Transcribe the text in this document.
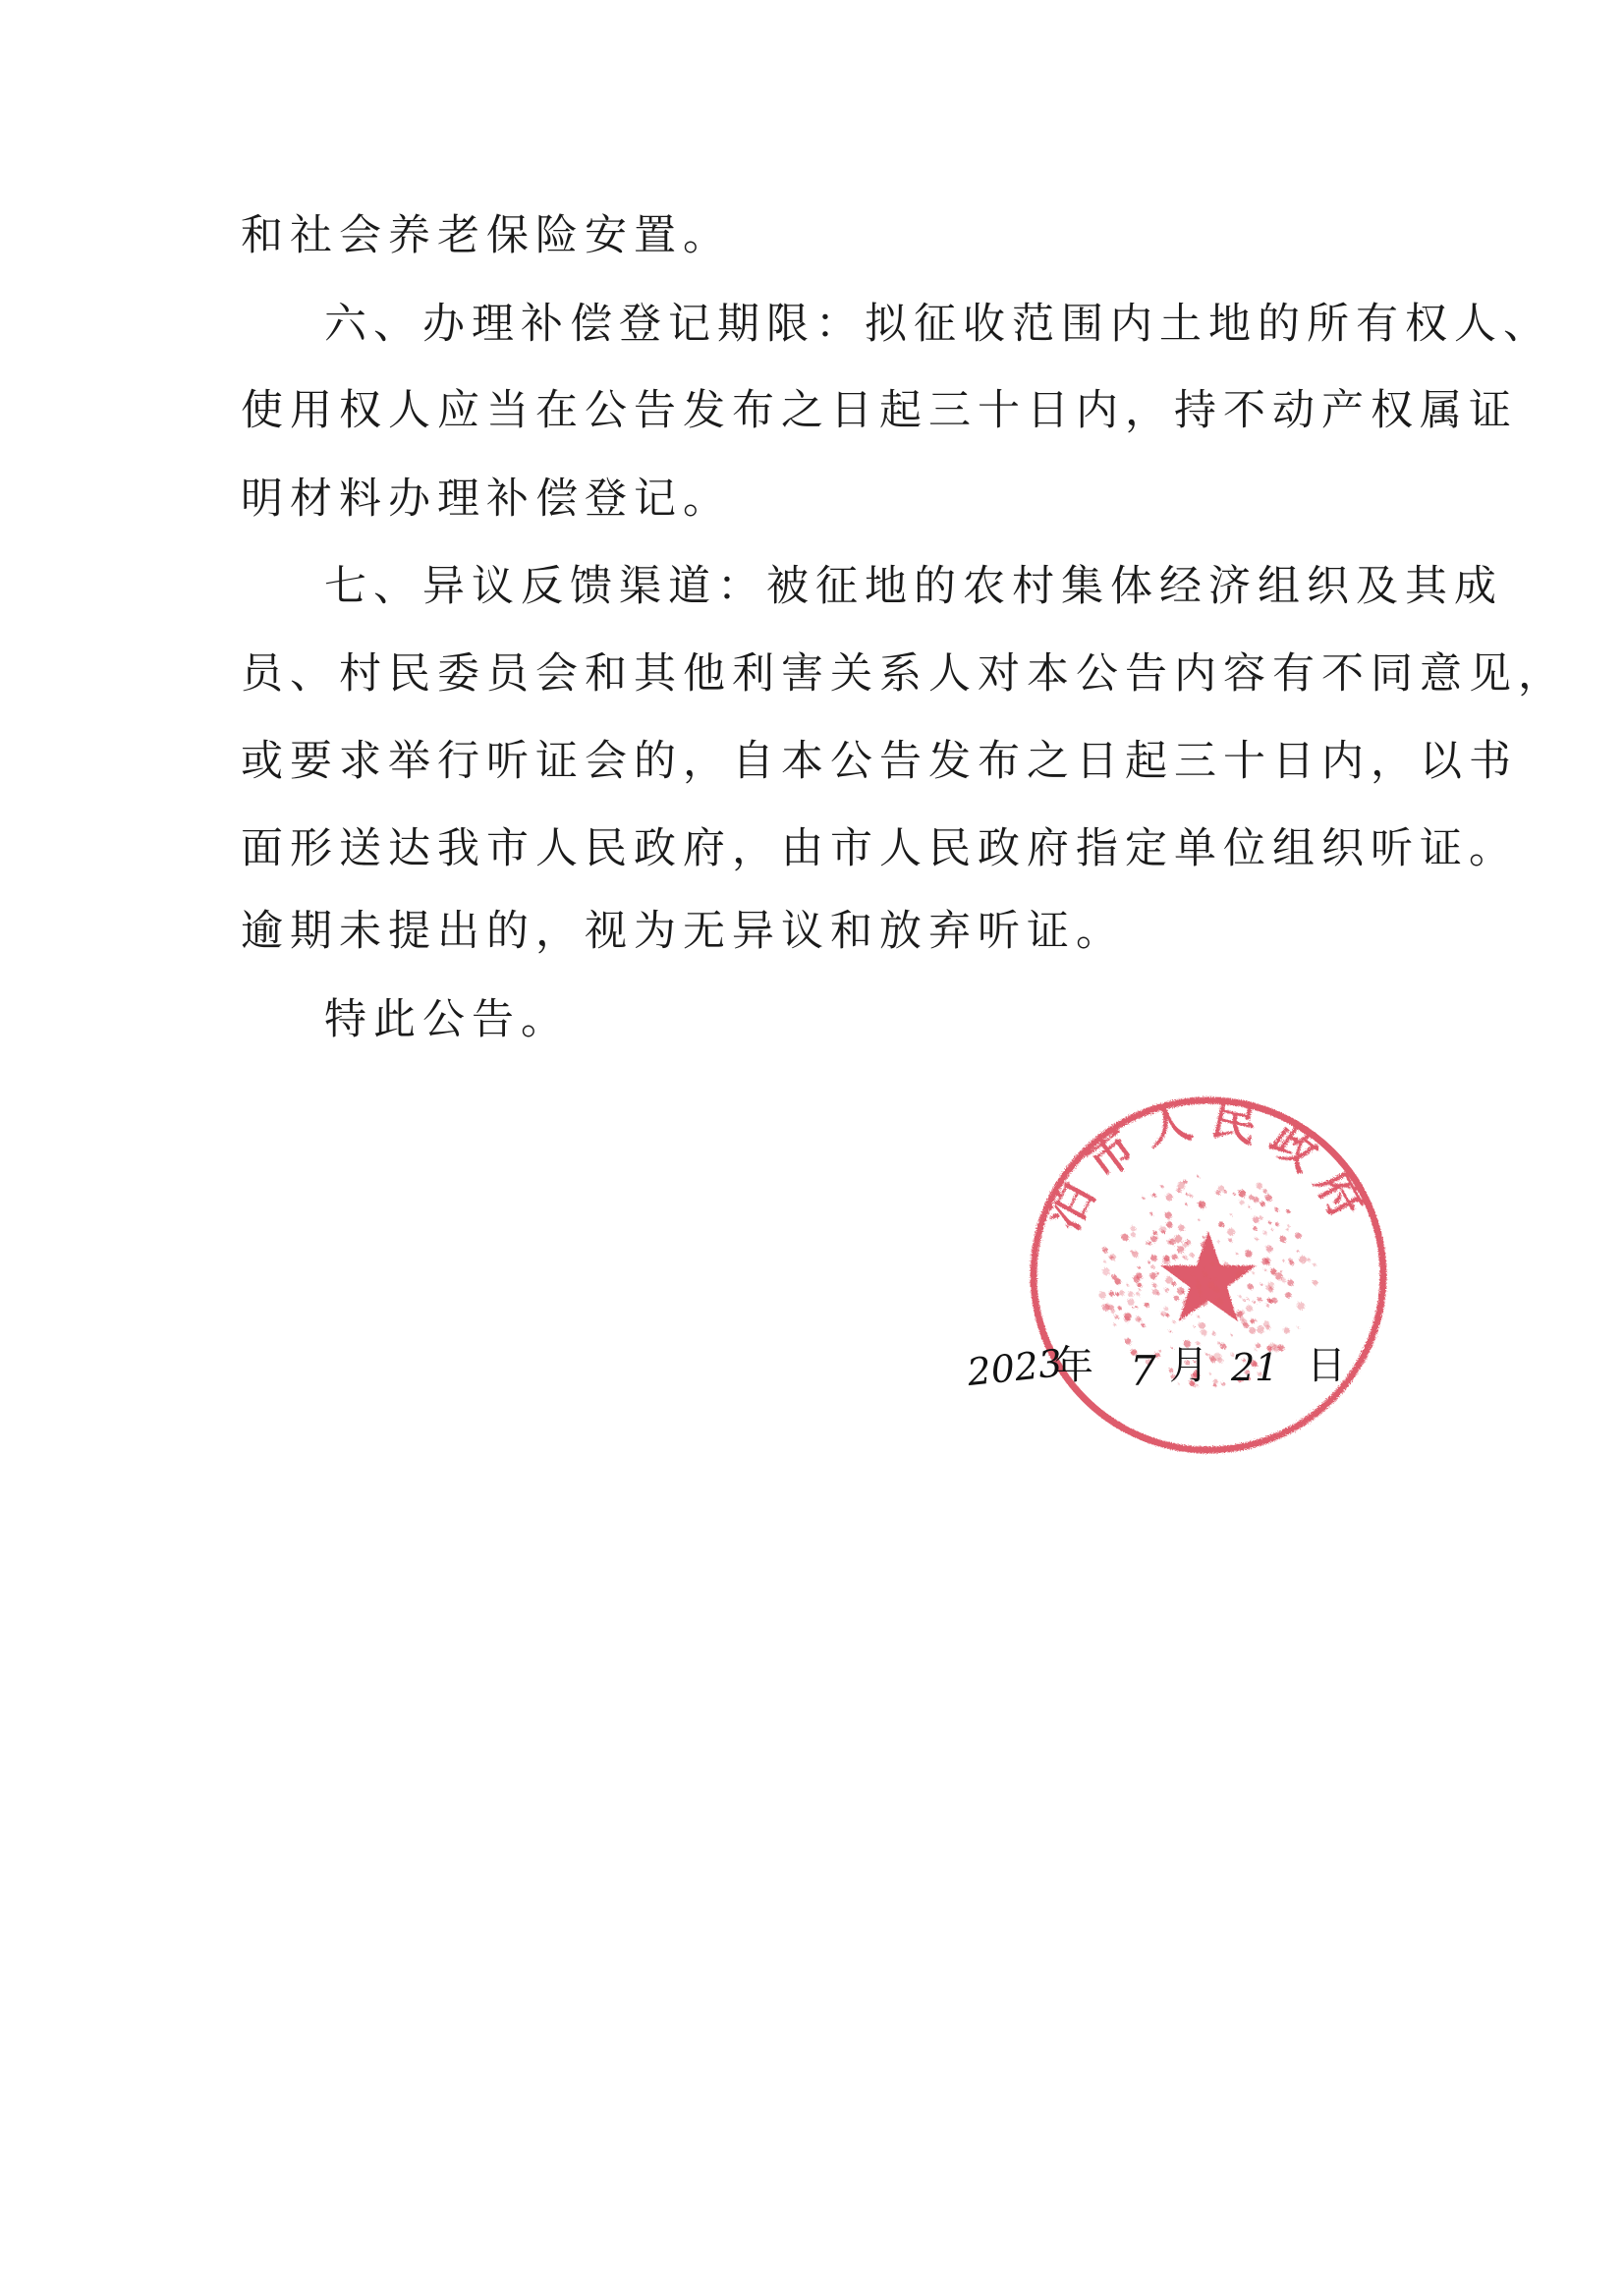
和社会养老保险安置。
六、办理补偿登记期限：拟征收范围内土地的所有权人、
使用权人应当在公告发布之日起三十日内，持不动产权属证
明材料办理补偿登记。
七、异议反馈渠道：被征地的农村集体经济组织及其成
员、村民委员会和其他利害关系人对本公告内容有不同意见，
或要求举行听证会的，自本公告发布之日起三十日内，以书
面形送达我市人民政府，由市人民政府指定单位组织听证。
逾期未提出的，视为无异议和放弃听证。
特此公告。
泊市人民政府
2023
年 7 月 21 日
